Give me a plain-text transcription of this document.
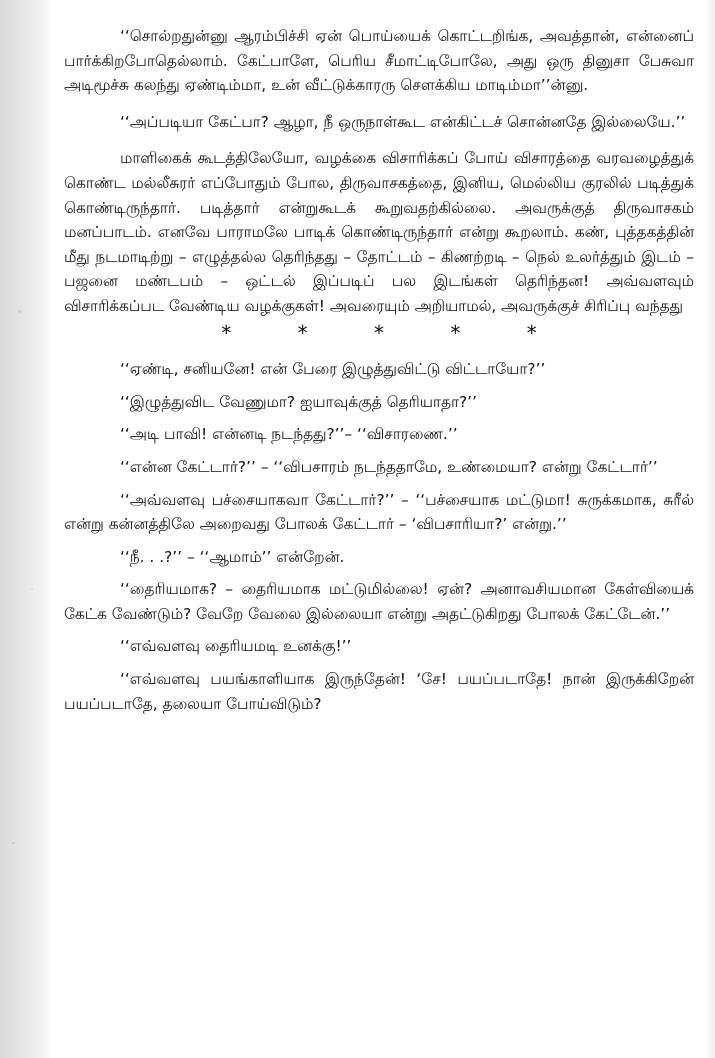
‘‘சொல்றதுன்னு ஆரம்பிச்சி ஏன் பொய்யைக் கொட்டறிங்க, அவத்தான், என்னைப் பார்க்கிறபோதெல்லாம். கேட்பாளே, பெரிய சீமாட்டிபோலே, அது ஒரு தினுசா பேசுவா அடிமூச்சு கலந்து ஏண்டிம்மா, உன் வீட்டுக்காரரு சௌக்கிய மாடிம்மா’’ன்னு.

‘‘அப்படியா கேட்பா? ஆழா, நீ ஒருநாள்கூட என்கிட்டச் சொன்னதே இல்லையே.’’

மாளிகைக் கூடத்திலேயோ, வழக்கை விசாரிக்கப் போய் விசாரத்தை வரவழைத்துக் கொண்ட மல்லீசுரர் எப்போதும் போல, திருவாசகத்தை, இனிய, மெல்லிய குரலில் படித்துக் கொண்டிருந்தார். படித்தார் என்றுகூடக் கூறுவதற்கில்லை. அவருக்குத் திருவாசகம் மனப்பாடம். எனவே பாராமலே பாடிக் கொண்டிருந்தார் என்று கூறலாம். கண், புத்தகத்தின் மீது நடமாடிற்று – எழுத்தல்ல தெரிந்தது – தோட்டம் – கிணற்றடி – நெல் உலர்த்தும் இடம் – பஜனை மண்டபம் – ஒட்டல் இப்படிப் பல இடங்கள் தெரிந்தன! அவ்வளவும் விசாரிக்கப்பட வேண்டிய வழக்குகள்! அவரையும் அறியாமல், அவருக்குச் சிரிப்பு வந்தது

* * * * *

‘‘ஏண்டி, சனியனே! என் பேரை இழுத்துவிட்டு விட்டாயோ?’’

‘‘இழுத்துவிட வேணுமா? ஐயாவுக்குத் தெரியாதா?’’

‘‘அடி பாவி! என்னடி நடந்தது?’’– ‘‘விசாரணை.’’

‘‘என்ன கேட்டார்?’’ – ‘‘விபசாரம் நடந்ததாமே, உண்மையா? என்று கேட்டார்’’

‘‘அவ்வளவு பச்சையாகவா கேட்டார்?’’ – ‘‘பச்சையாக மட்டுமா! சுருக்கமாக, சுரீல் என்று கன்னத்திலே அறைவது போலக் கேட்டார் – ‘விபசாரியா?’ என்று.’’

‘‘நீ. . .?’’ – ‘‘ஆமாம்’’ என்றேன்.

‘‘தைரியமாக? – தைரியமாக மட்டுமில்லை! ஏன்? அனாவசியமான கேள்வியைக் கேட்க வேண்டும்? வேறே வேலை இல்லையா என்று அதட்டுகிறது போலக் கேட்டேன்.’’

‘‘எவ்வளவு தைரியமடி உனக்கு!’’

‘‘எவ்வளவு பயங்காளியாக இருந்தேன்! ‘சே! பயப்படாதே! நான் இருக்கிறேன் பயப்படாதே, தலையா போய்விடும்?
